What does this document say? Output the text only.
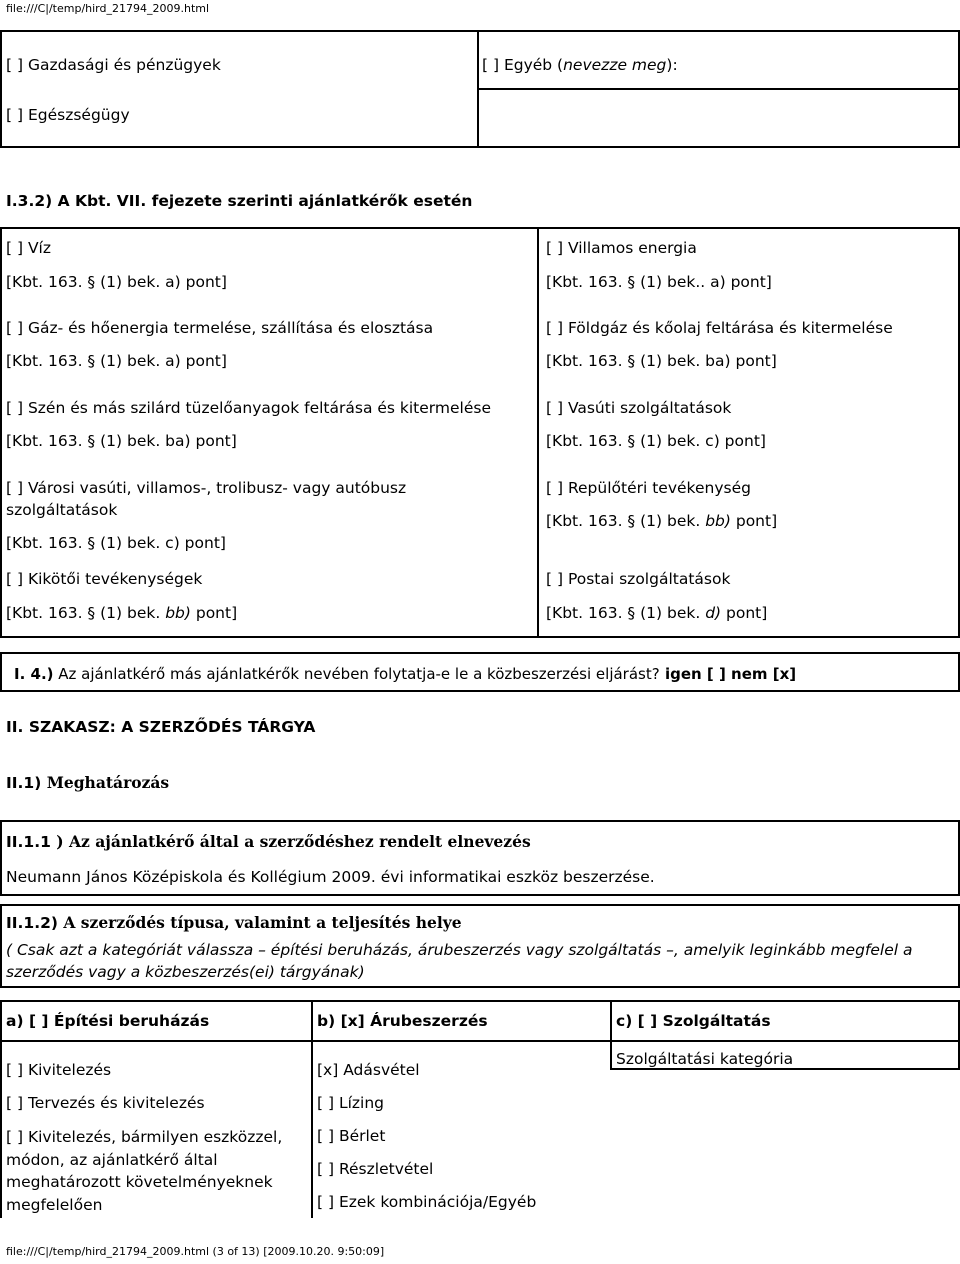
file:///C|/temp/hird_21794_2009.html
[ ] Gazdasági és pénzügyek
[ ] Egészségügy
[ ] Egyéb (nevezze meg):
I.3.2) A Kbt. VII. fejezete szerinti ajánlatkérők esetén
[ ] Víz
[Kbt. 163. § (1) bek. a) pont]
[ ] Gáz- és hőenergia termelése, szállítása és elosztása
[Kbt. 163. § (1) bek. a) pont]
[ ] Szén és más szilárd tüzelőanyagok feltárása és kitermelése
[Kbt. 163. § (1) bek. ba) pont]
[ ] Városi vasúti, villamos-, trolibusz- vagy autóbusz
szolgáltatások
[Kbt. 163. § (1) bek. c) pont]
[ ] Kikötői tevékenységek
[Kbt. 163. § (1) bek. bb) pont]
[ ] Villamos energia
[Kbt. 163. § (1) bek.. a) pont]
[ ] Földgáz és kőolaj feltárása és kitermelése
[Kbt. 163. § (1) bek. ba) pont]
[ ] Vasúti szolgáltatások
[Kbt. 163. § (1) bek. c) pont]
[ ] Repülőtéri tevékenység
[Kbt. 163. § (1) bek. bb) pont]
[ ] Postai szolgáltatások
[Kbt. 163. § (1) bek. d) pont]
I. 4.) Az ajánlatkérő más ajánlatkérők nevében folytatja-e le a közbeszerzési eljárást? igen [ ] nem [x]
II. SZAKASZ: A SZERZŐDÉS TÁRGYA
II.1) Meghatározás
II.1.1 ) Az ajánlatkérő által a szerződéshez rendelt elnevezés
Neumann János Középiskola és Kollégium 2009. évi informatikai eszköz beszerzése.
II.1.2) A szerződés típusa, valamint a teljesítés helye
( Csak azt a kategóriát válassza – építési beruházás, árubeszerzés vagy szolgáltatás –, amelyik leginkább megfelel a szerződés vagy a közbeszerzés(ei) tárgyának)
a) [ ] Építési beruházás	b) [x] Árubeszerzés	c) [ ] Szolgáltatás
[ ] Kivitelezés
[ ] Tervezés és kivitelezés
[ ] Kivitelezés, bármilyen eszközzel, módon, az ajánlatkérő által meghatározott követelményeknek megfelelően
[x] Adásvétel
[ ] Lízing
[ ] Bérlet
[ ] Részletvétel
[ ] Ezek kombinációja/Egyéb
Szolgáltatási kategória
file:///C|/temp/hird_21794_2009.html (3 of 13) [2009.10.20. 9:50:09]
